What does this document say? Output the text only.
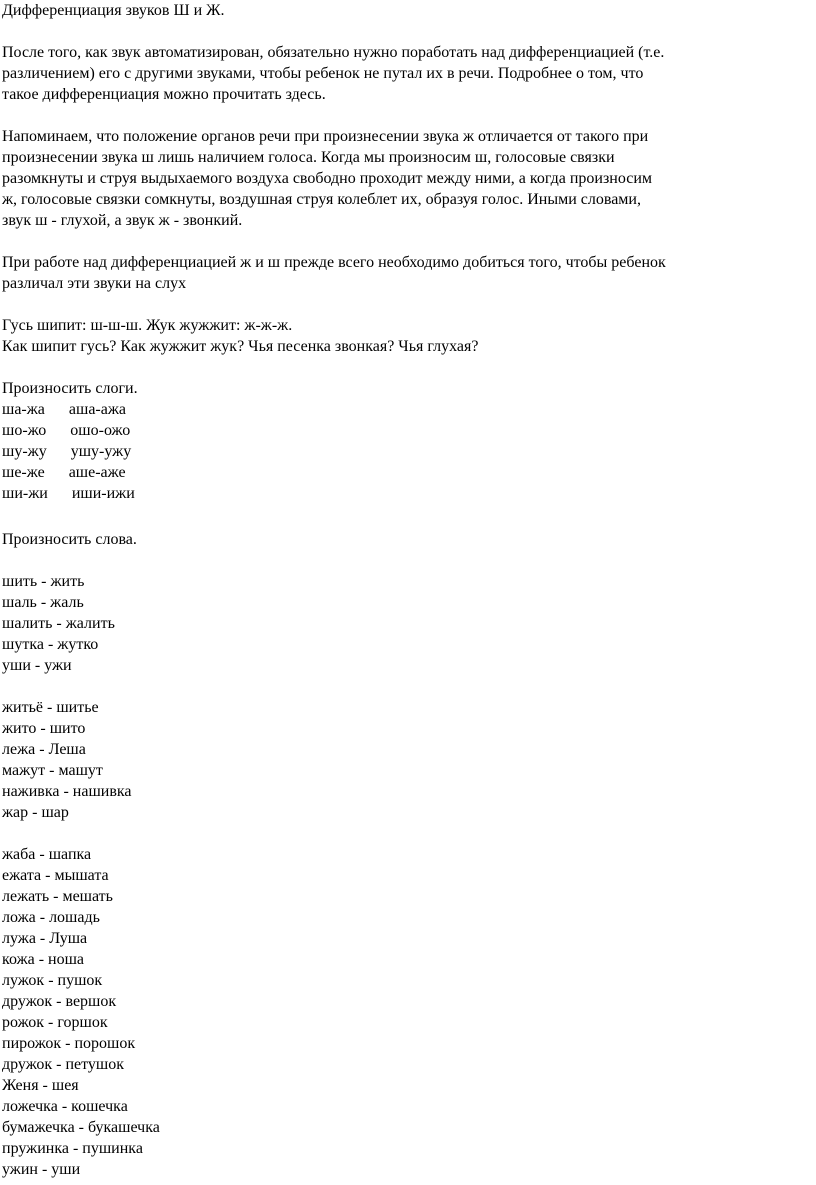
Дифференциация звуков Ш и Ж.
После того, как звук автоматизирован, обязательно нужно поработать над дифференциацией (т.е.
различением) его с другими звуками, чтобы ребенок не путал их в речи. Подробнее о том, что
такое дифференциация можно прочитать здесь.
Напоминаем, что положение органов речи при произнесении звука ж отличается от такого при
произнесении звука ш лишь наличием голоса. Когда мы произносим ш, голосовые связки
разомкнуты и струя выдыхаемого воздуха свободно проходит между ними, а когда произносим
ж, голосовые связки сомкнуты, воздушная струя колеблет их, образуя голос. Иными словами,
звук ш - глухой, а звук ж - звонкий.
При работе над дифференциацией ж и ш прежде всего необходимо добиться того, чтобы ребенок
различал эти звуки на слух
Гусь шипит: ш-ш-ш. Жук жужжит: ж-ж-ж.
Как шипит гусь? Как жужжит жук? Чья песенка звонкая? Чья глухая?
Произносить слоги.
ша-жа      аша-ажа
шо-жо      ошо-ожо
шу-жу      ушу-ужу
ше-же      аше-аже
ши-жи      иши-ижи
Произносить слова.
шить - жить
шаль - жаль
шалить - жалить
шутка - жутко
уши - ужи
житьё - шитье
жито - шито
лежа - Леша
мажут - машут
наживка - нашивка
жар - шар
жаба - шапка
ежата - мышата
лежать - мешать
ложа - лошадь
лужа - Луша
кожа - ноша
лужок - пушок
дружок - вершок
рожок - горшок
пирожок - порошок
дружок - петушок
Женя - шея
ложечка - кошечка
бумажечка - букашечка
пружинка - пушинка
ужин - уши
